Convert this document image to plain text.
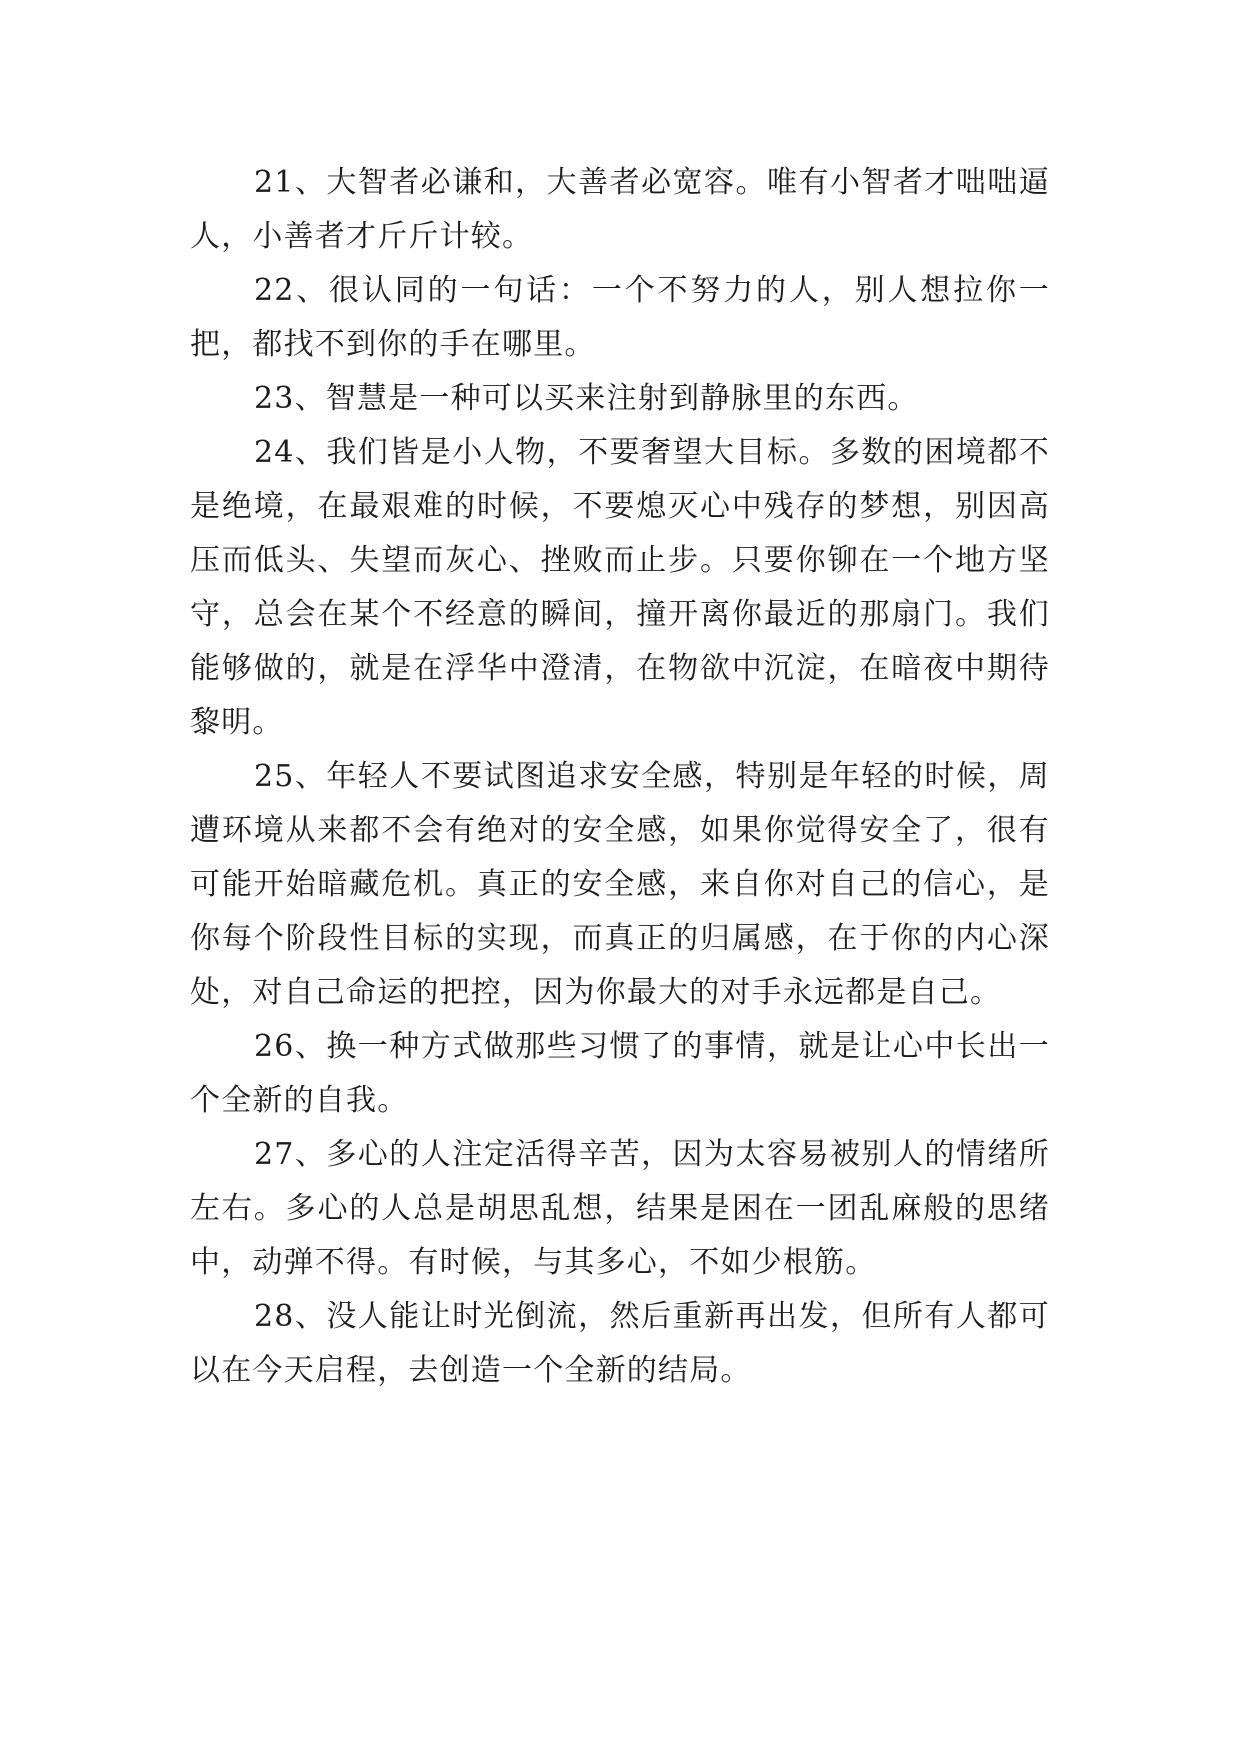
21、大智者必谦和，大善者必宽容。唯有小智者才咄咄逼人，小善者才斤斤计较。

22、很认同的一句话：一个不努力的人，别人想拉你一把，都找不到你的手在哪里。

23、智慧是一种可以买来注射到静脉里的东西。

24、我们皆是小人物，不要奢望大目标。多数的困境都不是绝境，在最艰难的时候，不要熄灭心中残存的梦想，别因高压而低头、失望而灰心、挫败而止步。只要你铆在一个地方坚守，总会在某个不经意的瞬间，撞开离你最近的那扇门。我们能够做的，就是在浮华中澄清，在物欲中沉淀，在暗夜中期待黎明。

25、年轻人不要试图追求安全感，特别是年轻的时候，周遭环境从来都不会有绝对的安全感，如果你觉得安全了，很有可能开始暗藏危机。真正的安全感，来自你对自己的信心，是你每个阶段性目标的实现，而真正的归属感，在于你的内心深处，对自己命运的把控，因为你最大的对手永远都是自己。

26、换一种方式做那些习惯了的事情，就是让心中长出一个全新的自我。

27、多心的人注定活得辛苦，因为太容易被别人的情绪所左右。多心的人总是胡思乱想，结果是困在一团乱麻般的思绪中，动弹不得。有时候，与其多心，不如少根筋。

28、没人能让时光倒流，然后重新再出发，但所有人都可以在今天启程，去创造一个全新的结局。
